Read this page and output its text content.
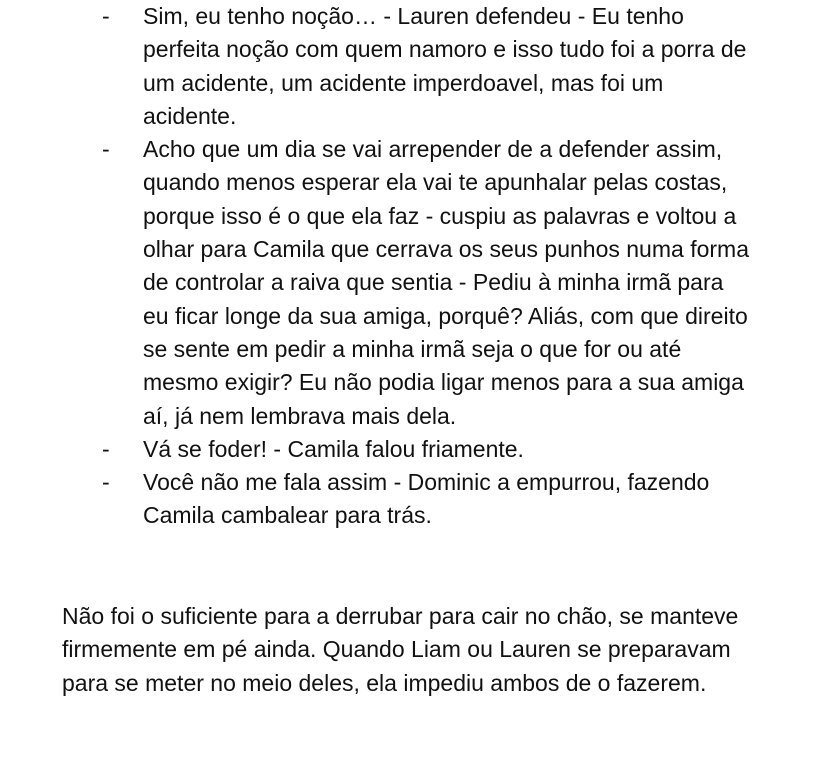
- Sim, eu tenho noção… - Lauren defendeu - Eu tenho perfeita noção com quem namoro e isso tudo foi a porra de um acidente, um acidente imperdoavel, mas foi um acidente.
- Acho que um dia se vai arrepender de a defender assim, quando menos esperar ela vai te apunhalar pelas costas, porque isso é o que ela faz - cuspiu as palavras e voltou a olhar para Camila que cerrava os seus punhos numa forma de controlar a raiva que sentia - Pediu à minha irmã para eu ficar longe da sua amiga, porquê? Aliás, com que direito se sente em pedir a minha irmã seja o que for ou até mesmo exigir? Eu não podia ligar menos para a sua amiga aí, já nem lembrava mais dela.
- Vá se foder! - Camila falou friamente.
- Você não me fala assim - Dominic a empurrou, fazendo Camila cambalear para trás.

Não foi o suficiente para a derrubar para cair no chão, se manteve firmemente em pé ainda. Quando Liam ou Lauren se preparavam para se meter no meio deles, ela impediu ambos de o fazerem.
